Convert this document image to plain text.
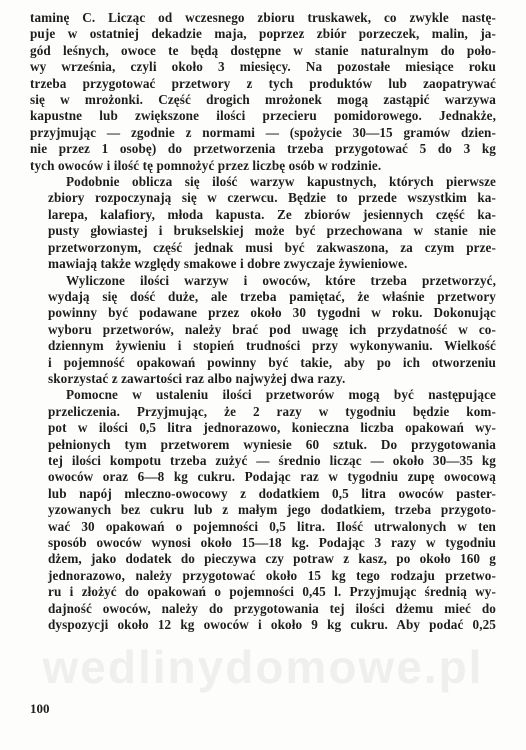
wedlinydomowe.pl
taminę C. Licząc od wczesnego zbioru truskawek, co zwykle nastę-
puje w ostatniej dekadzie maja, poprzez zbiór porzeczek, malin, ja-
gód leśnych, owoce te będą dostępne w stanie naturalnym do poło-
wy września, czyli około 3 miesięcy. Na pozostałe miesiące roku
trzeba przygotować przetwory z tych produktów lub zaopatrywać
się w mrożonki. Część drogich mrożonek mogą zastąpić warzywa
kapustne lub zwiększone ilości przecieru pomidorowego. Jednakże,
przyjmując — zgodnie z normami — (spożycie 30—15 gramów dzien-
nie przez 1 osobę) do przetworzenia trzeba przygotować 5 do 3 kg
tych owoców i ilość tę pomnożyć przez liczbę osób w rodzinie.
Podobnie oblicza się ilość warzyw kapustnych, których pierwsze
zbiory rozpoczynają się w czerwcu. Będzie to przede wszystkim ka-
larepa, kalafiory, młoda kapusta. Ze zbiorów jesiennych część ka-
pusty głowiastej i brukselskiej może być przechowana w stanie nie
przetworzonym, część jednak musi być zakwaszona, za czym prze-
mawiają także względy smakowe i dobre zwyczaje żywieniowe.
Wyliczone ilości warzyw i owoców, które trzeba przetworzyć,
wydają się dość duże, ale trzeba pamiętać, że właśnie przetwory
powinny być podawane przez około 30 tygodni w roku. Dokonując
wyboru przetworów, należy brać pod uwagę ich przydatność w co-
dziennym żywieniu i stopień trudności przy wykonywaniu. Wielkość
i pojemność opakowań powinny być takie, aby po ich otworzeniu
skorzystać z zawartości raz albo najwyżej dwa razy.
Pomocne w ustaleniu ilości przetworów mogą być następujące
przeliczenia. Przyjmując, że 2 razy w tygodniu będzie kom-
pot w ilości 0,5 litra jednorazowo, konieczna liczba opakowań wy-
pełnionych tym przetworem wyniesie 60 sztuk. Do przygotowania
tej ilości kompotu trzeba zużyć — średnio licząc — około 30—35 kg
owoców oraz 6—8 kg cukru. Podając raz w tygodniu zupę owocową
lub napój mleczno-owocowy z dodatkiem 0,5 litra owoców paster-
yzowanych bez cukru lub z małym jego dodatkiem, trzeba przygoto-
wać 30 opakowań o pojemności 0,5 litra. Ilość utrwalonych w ten
sposób owoców wynosi około 15—18 kg. Podając 3 razy w tygodniu
dżem, jako dodatek do pieczywa czy potraw z kasz, po około 160 g
jednorazowo, należy przygotować około 15 kg tego rodzaju przetwo-
ru i złożyć do opakowań o pojemności 0,45 l. Przyjmując średnią wy-
dajność owoców, należy do przygotowania tej ilości dżemu mieć do
dyspozycji około 12 kg owoców i około 9 kg cukru. Aby podać 0,25
100
